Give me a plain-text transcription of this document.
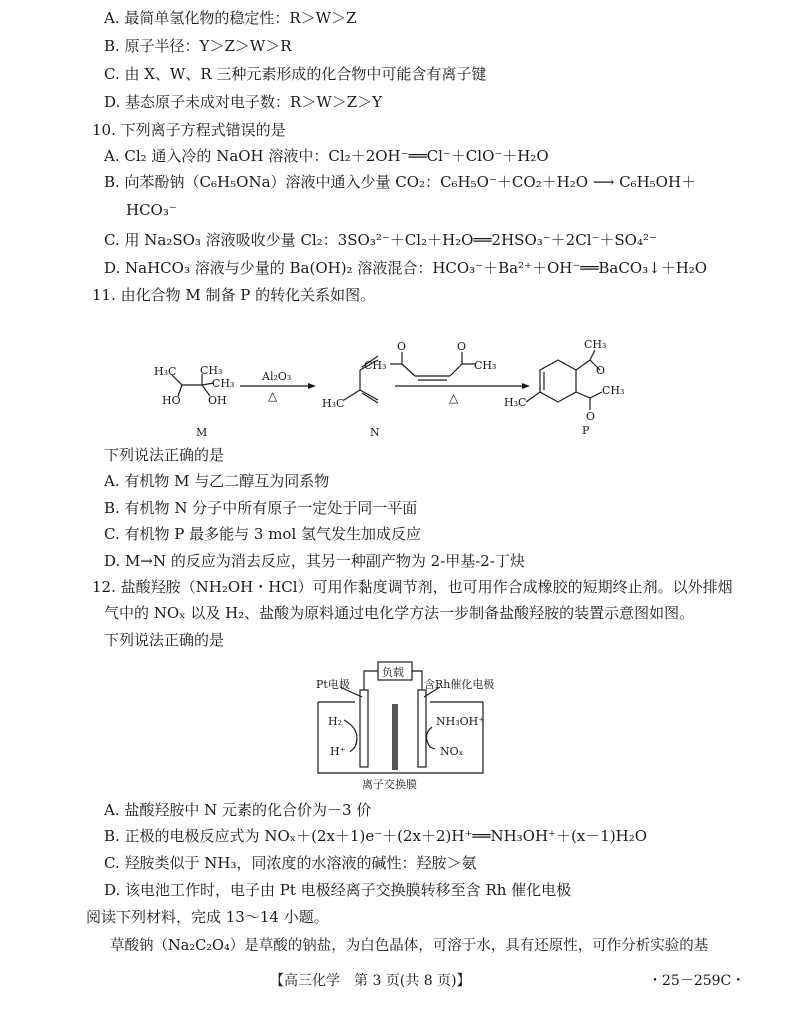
A. 最简单氢化物的稳定性：R＞W＞Z
B. 原子半径：Y＞Z＞W＞R
C. 由 X、W、R 三种元素形成的化合物中可能含有离子键
D. 基态原子未成对电子数：R＞W＞Z＞Y
10. 下列离子方程式错误的是
A. Cl₂ 通入冷的 NaOH 溶液中：Cl₂＋2OH⁻══Cl⁻＋ClO⁻＋H₂O
B. 向苯酚钠（C₆H₅ONa）溶液中通入少量 CO₂：C₆H₅O⁻＋CO₂＋H₂O ⟶ C₆H₅OH＋
HCO₃⁻
C. 用 Na₂SO₃ 溶液吸收少量 Cl₂：3SO₃²⁻＋Cl₂＋H₂O══2HSO₃⁻＋2Cl⁻＋SO₄²⁻
D. NaHCO₃ 溶液与少量的 Ba(OH)₂ 溶液混合：HCO₃⁻＋Ba²⁺＋OH⁻══BaCO₃↓＋H₂O
11. 由化合物 M 制备 P 的转化关系如图。
H₃C CH₃
CH₃
HO OH
Al₂O₃
△
H₃C
CH₃	CH₃
O	O
△
CH₃
O
CH₃
O
H₃C
M	N	P
下列说法正确的是
A. 有机物 M 与乙二醇互为同系物
B. 有机物 N 分子中所有原子一定处于同一平面
C. 有机物 P 最多能与 3 mol 氢气发生加成反应
D. M→N 的反应为消去反应，其另一种副产物为 2-甲基-2-丁炔
12. 盐酸羟胺（NH₂OH・HCl）可用作黏度调节剂，也可用作合成橡胶的短期终止剂。以外排烟
气中的 NOₓ 以及 H₂、盐酸为原料通过电化学方法一步制备盐酸羟胺的装置示意图如图。
下列说法正确的是
负载
Pt电极	含Rh催化电极
H₂
H⁺
NH₃OH⁺
NOₓ
离子交换膜
A. 盐酸羟胺中 N 元素的化合价为－3 价
B. 正极的电极反应式为 NOₓ＋(2x＋1)e⁻＋(2x＋2)H⁺══NH₃OH⁺＋(x－1)H₂O
C. 羟胺类似于 NH₃，同浓度的水溶液的碱性：羟胺＞氨
D. 该电池工作时，电子由 Pt 电极经离子交换膜转移至含 Rh 催化电极
阅读下列材料，完成 13～14 小题。
草酸钠（Na₂C₂O₄）是草酸的钠盐，为白色晶体，可溶于水，具有还原性，可作分析实验的基
【高三化学　第 3 页(共 8 页)】	・25－259C・
